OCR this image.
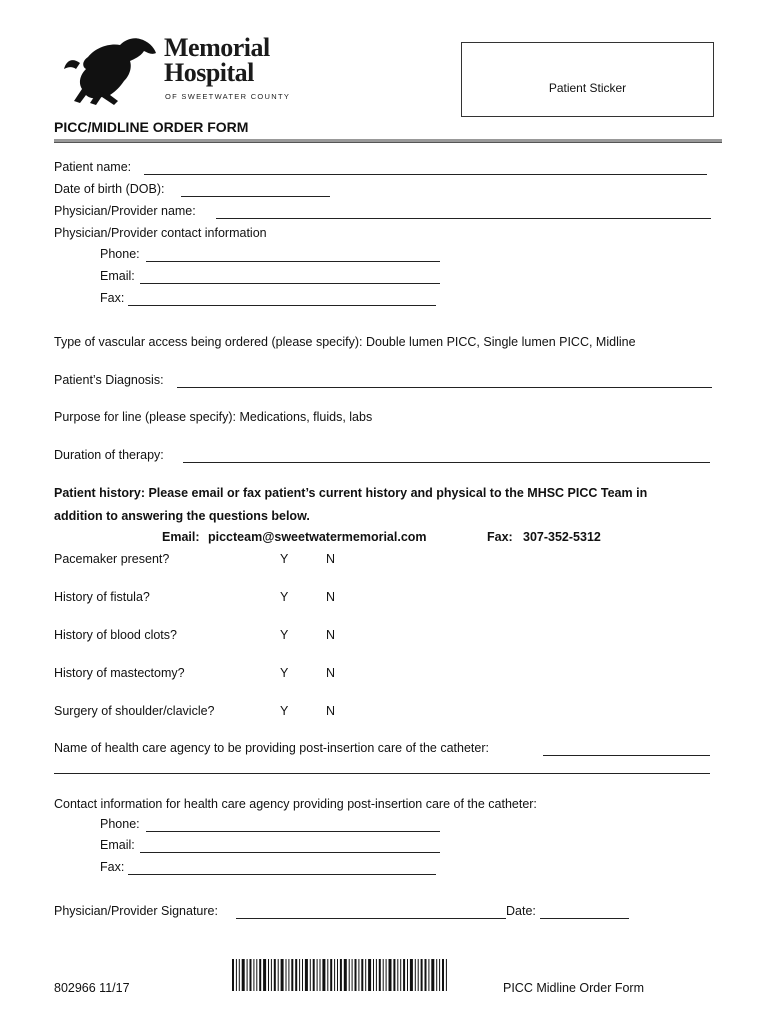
Memorial
Hospital
OF SWEETWATER COUNTY
Patient Sticker
PICC/MIDLINE ORDER FORM
Patient name:
Date of birth (DOB):
Physician/Provider name:
Physician/Provider contact information
Phone:
Email:
Fax:
Type of vascular access being ordered (please specify): Double lumen PICC, Single lumen PICC, Midline
Patient’s Diagnosis:
Purpose for line (please specify): Medications, fluids, labs
Duration of therapy:
Patient history: Please email or fax patient’s current history and physical to the MHSC PICC Team in
addition to answering the questions below.
Email: piccteam@sweetwatermemorial.com	Fax: 307-352-5312
Pacemaker present?	Y	N
History of fistula?	Y	N
History of blood clots?	Y	N
History of mastectomy?	Y	N
Surgery of shoulder/clavicle?	Y	N
Name of health care agency to be providing post-insertion care of the catheter:
Contact information for health care agency providing post-insertion care of the catheter:
Phone:
Email:
Fax:
Physician/Provider Signature:	Date:
802966 11/17	PICC Midline Order Form
